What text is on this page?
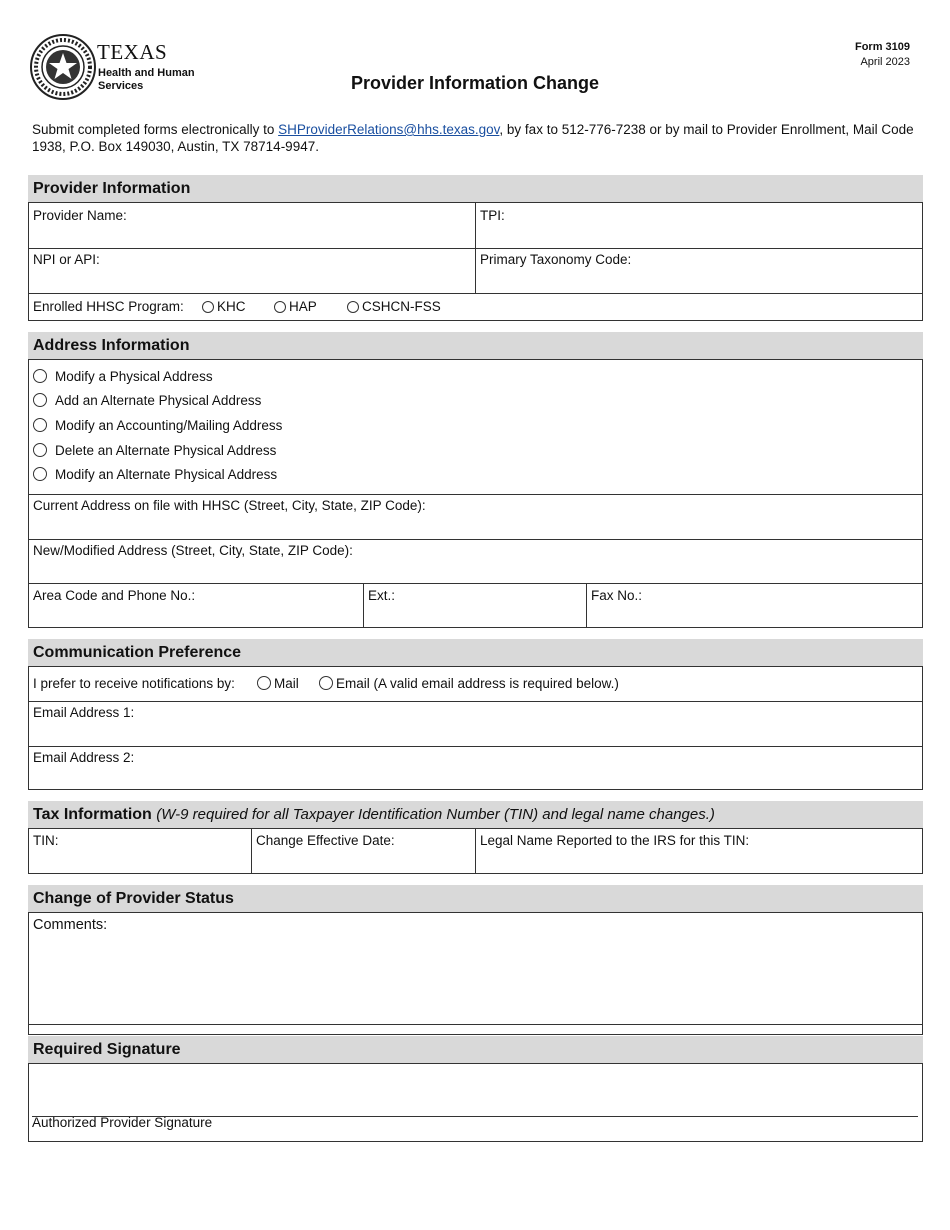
TEXAS
Health and Human
Services
Form 3109
April 2023
Provider Information Change
Submit completed forms electronically to SHProviderRelations@hhs.texas.gov, by fax to 512-776-7238 or by mail to Provider Enrollment, Mail Code 1938, P.O. Box 149030, Austin, TX 78714-9947.
Provider Information
Provider Name:	TPI:
NPI or API:	Primary Taxonomy Code:
Enrolled HHSC Program:	KHC	HAP	CSHCN-FSS
Address Information
Modify a Physical Address
Add an Alternate Physical Address
Modify an Accounting/Mailing Address
Delete an Alternate Physical Address
Modify an Alternate Physical Address
Current Address on file with HHSC (Street, City, State, ZIP Code):
New/Modified Address (Street, City, State, ZIP Code):
Area Code and Phone No.:	Ext.:	Fax No.:
Communication Preference
I prefer to receive notifications by:	Mail	Email (A valid email address is required below.)
Email Address 1:
Email Address 2:
Tax Information (W-9 required for all Taxpayer Identification Number (TIN) and legal name changes.)
TIN:	Change Effective Date:	Legal Name Reported to the IRS for this TIN:
Change of Provider Status
Comments:
Required Signature
Authorized Provider Signature
